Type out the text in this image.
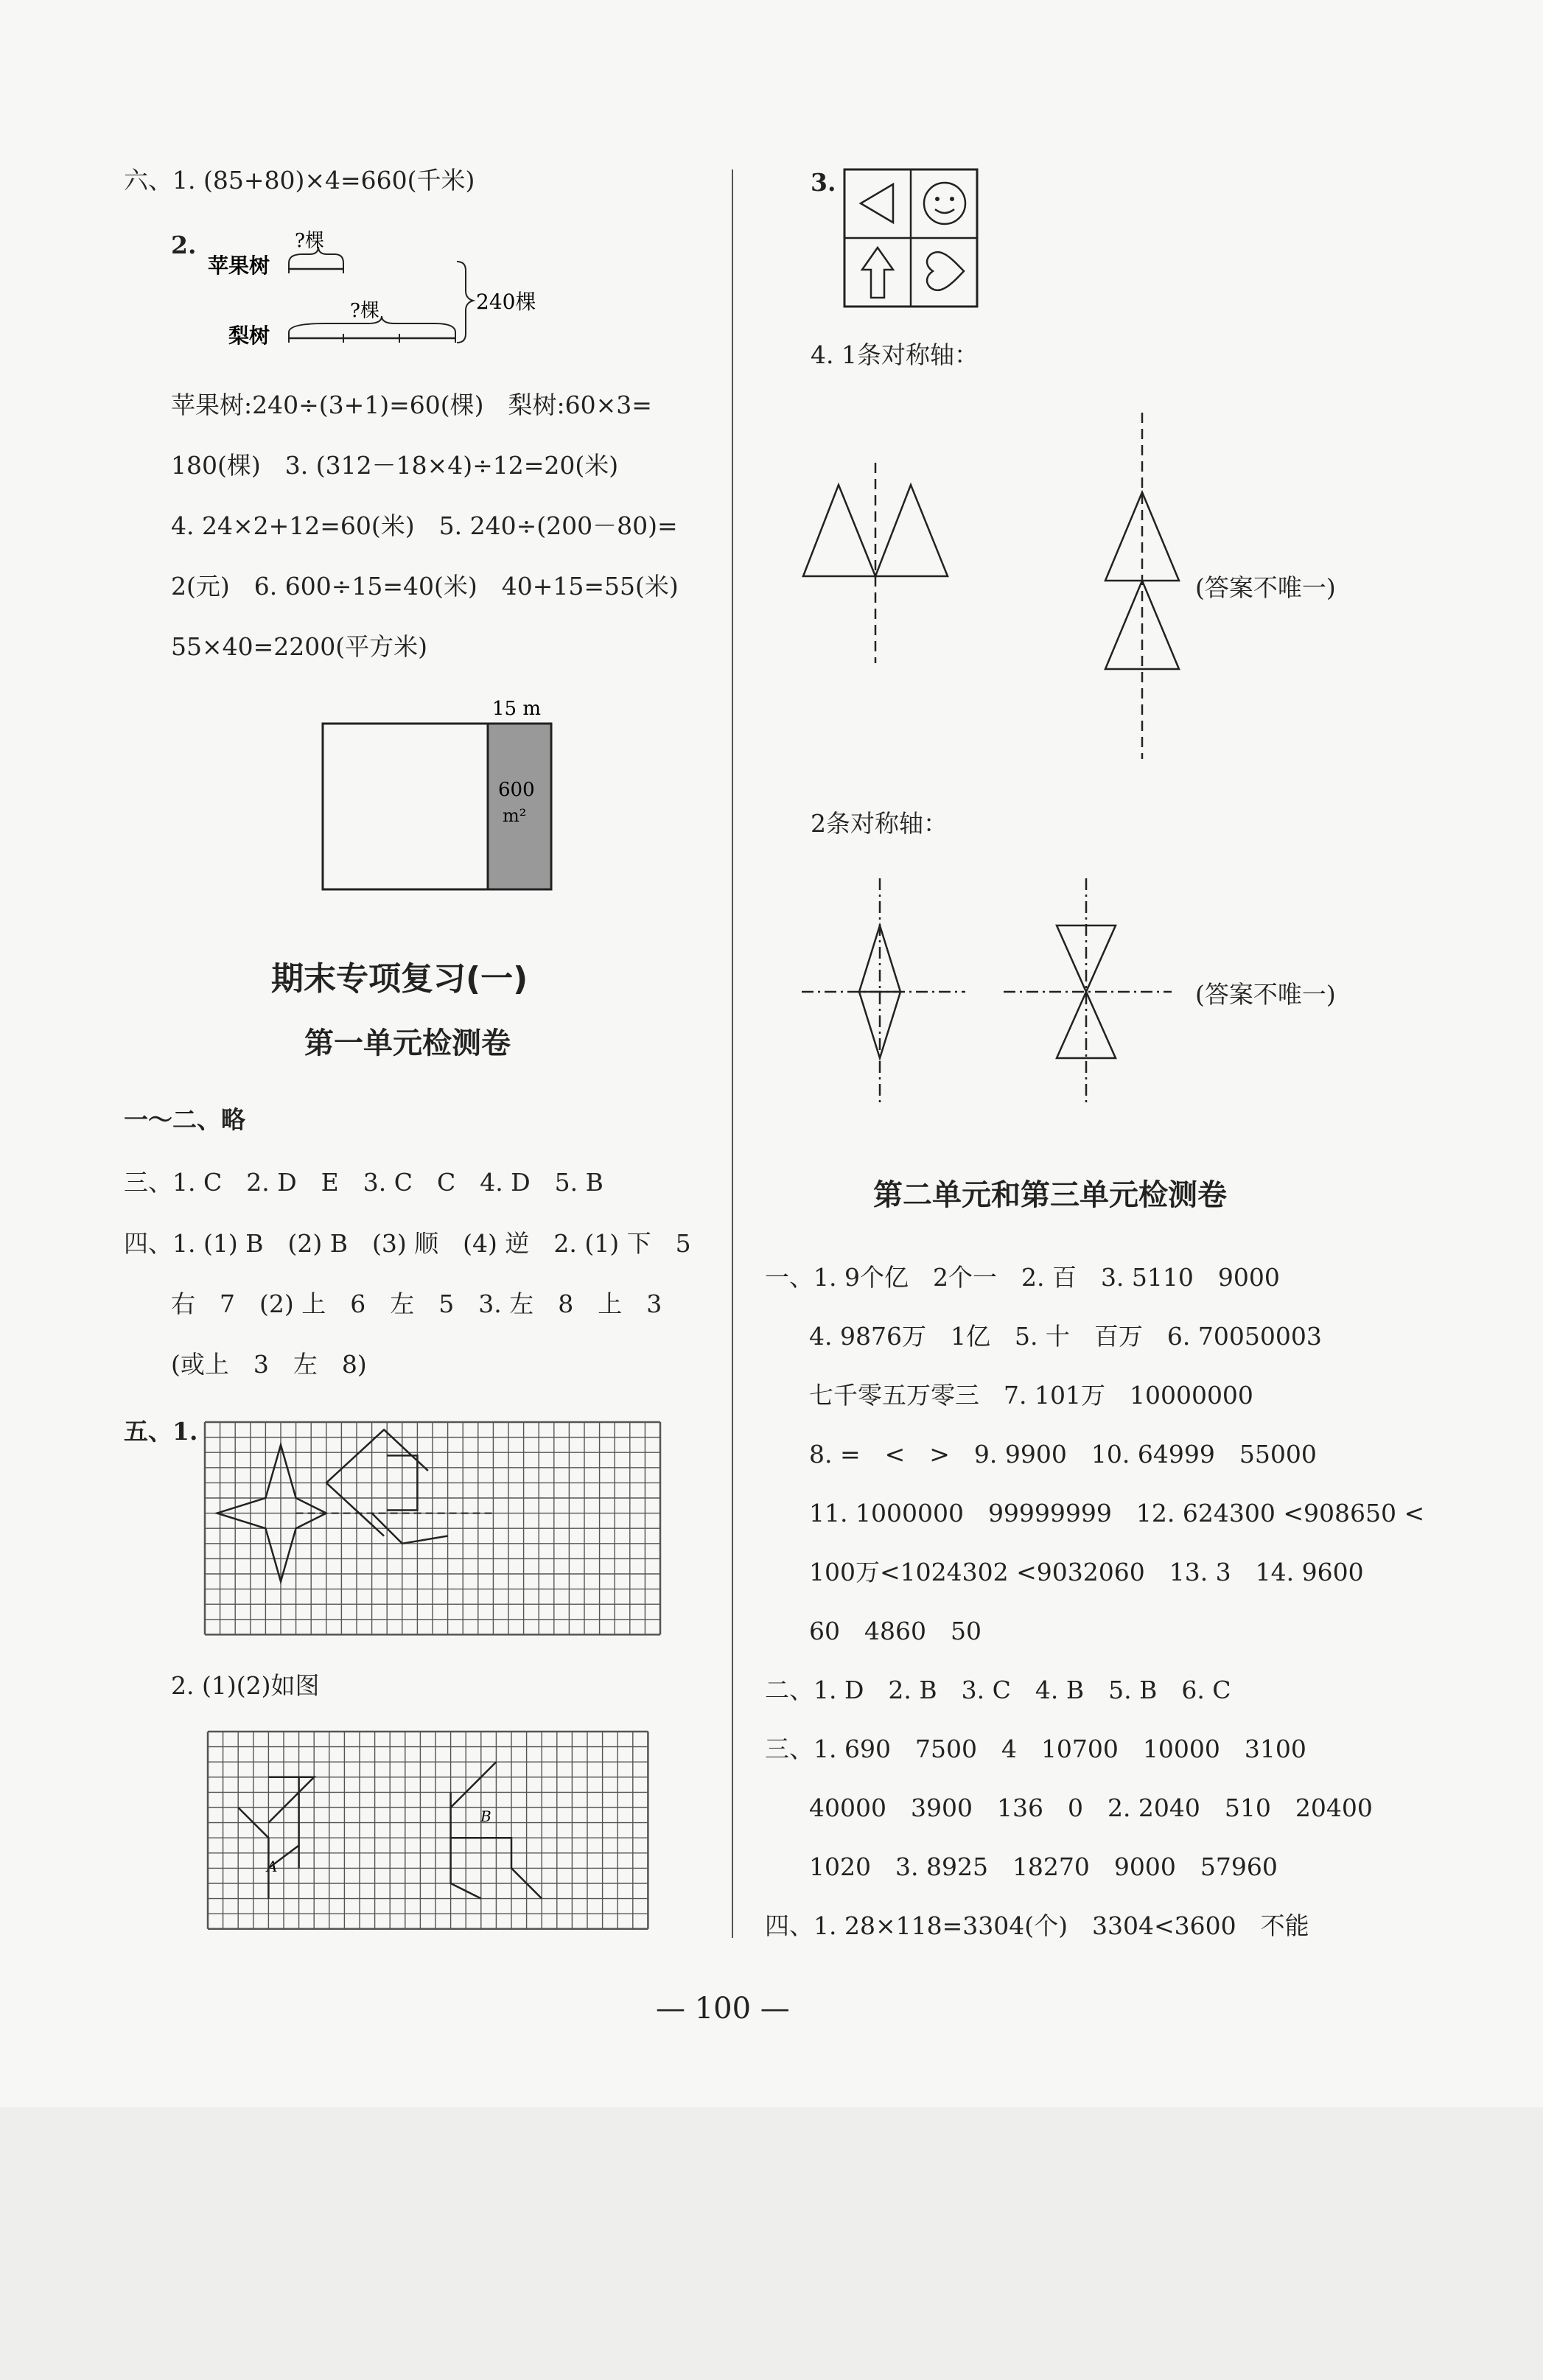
六、1. (85+80)×4=660(千米)
2.
苹果树
?棵
梨树
?棵	240棵
苹果树:240÷(3+1)=60(棵)　梨树:60×3=
180(棵)　3. (312－18×4)÷12=20(米)
4. 24×2+12=60(米)　5. 240÷(200－80)=
2(元)　6. 600÷15=40(米)　40+15=55(米)
55×40=2200(平方米)
15 m
600
m²
期末专项复习(一)
第一单元检测卷
一～二、略
三、1. C　2. D　E　3. C　C　4. D　5. B
四、1. (1) B　(2) B　(3) 顺　(4) 逆　2. (1) 下　5
右　7　(2) 上　6　左　5　3. 左　8　上　3
(或上　3　左　8)
五、1.
2. (1)(2)如图
A
B
3.
4. 1条对称轴：
(答案不唯一)
2条对称轴：
(答案不唯一)
第二单元和第三单元检测卷
一、1. 9个亿　2个一　2. 百　3. 5110　9000
4. 9876万　1亿　5. 十　百万　6. 70050003
七千零五万零三　7. 101万　10000000
8. =　<　>　9. 9900　10. 64999　55000
11. 1000000　99999999　12. 624300 <908650 <
100万<1024302 <9032060　13. 3　14. 9600
60　4860　50
二、1. D　2. B　3. C　4. B　5. B　6. C
三、1. 690　7500　4　10700　10000　3100
40000　3900　136　0　2. 2040　510　20400
1020　3. 8925　18270　9000　57960
四、1. 28×118=3304(个)　3304<3600　不能
— 100 —
